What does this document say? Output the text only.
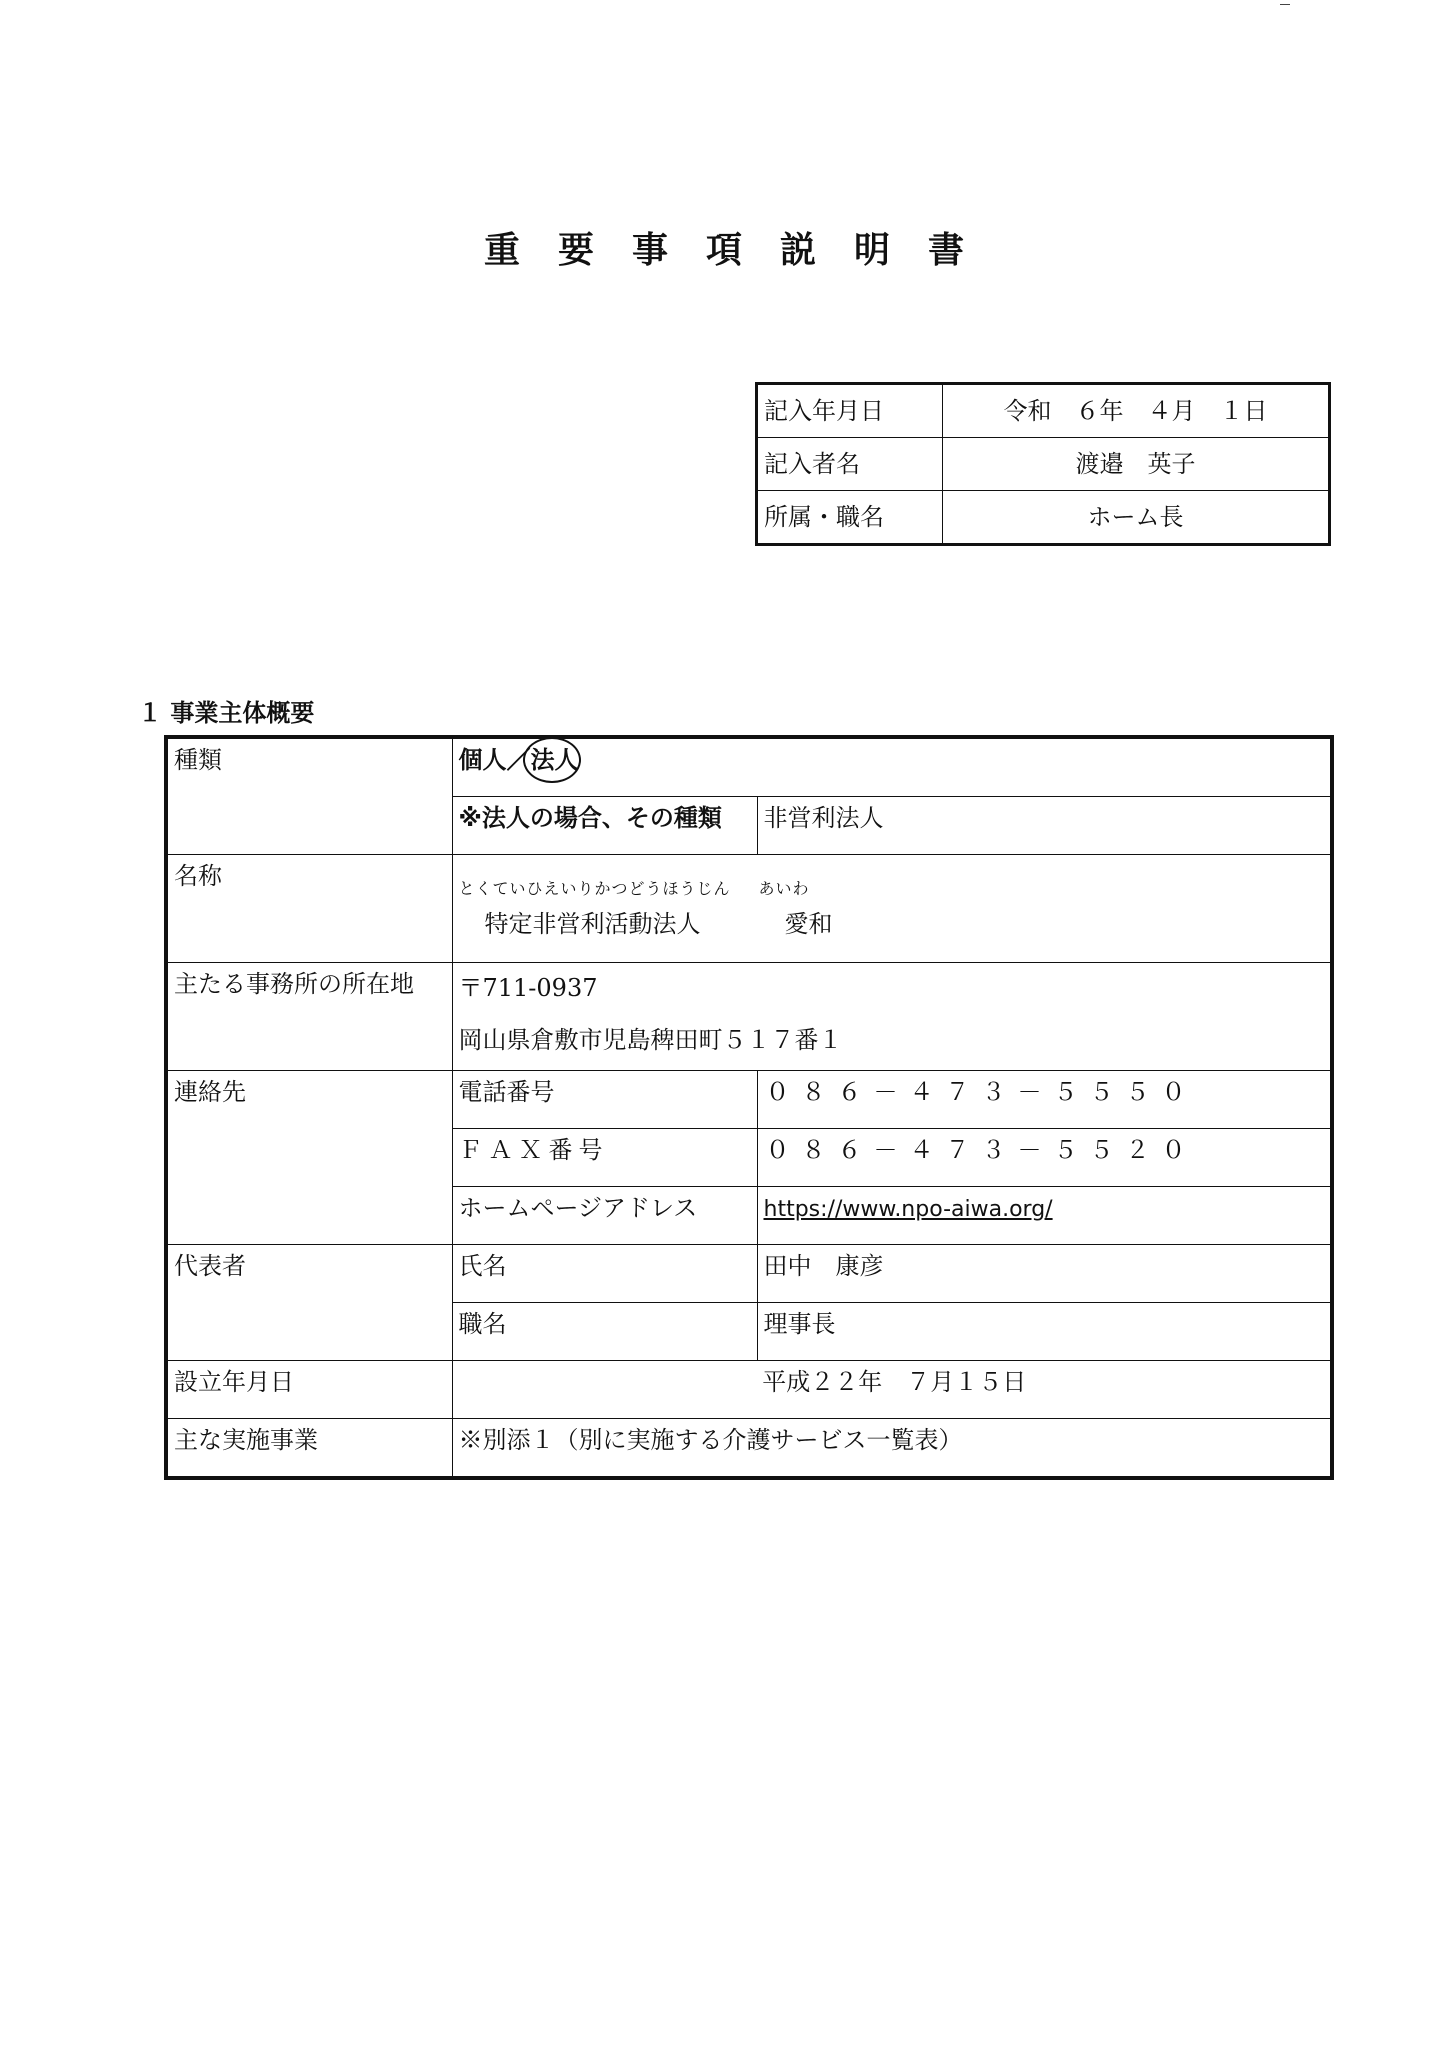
重要事項説明書
記入年月日	令和　６年　４月　１日
記入者名	渡邉　英子
所属・職名	ホーム長
１ 事業主体概要
種類	個人／
法人	
	※法人の場合、その種類	非営利法人
名称	とくていひえいりかつどうほうじん あいわ
特定非営利活動法人 愛和	

主たる事務所の所在地	〒711-0937
岡山県倉敷市児島稗田町５１７番１	

連絡先	電話番号	０８６－４７３－５５５０
	ＦＡＸ番号	０８６－４７３－５５２０
	ホームページアドレス	https://www.npo-aiwa.org/
代表者	氏名	田中　康彦
	職名	理事長
設立年月日	平成２２年　７月１５日	
主な実施事業	※別添１（別に実施する介護サービス一覧表）	
